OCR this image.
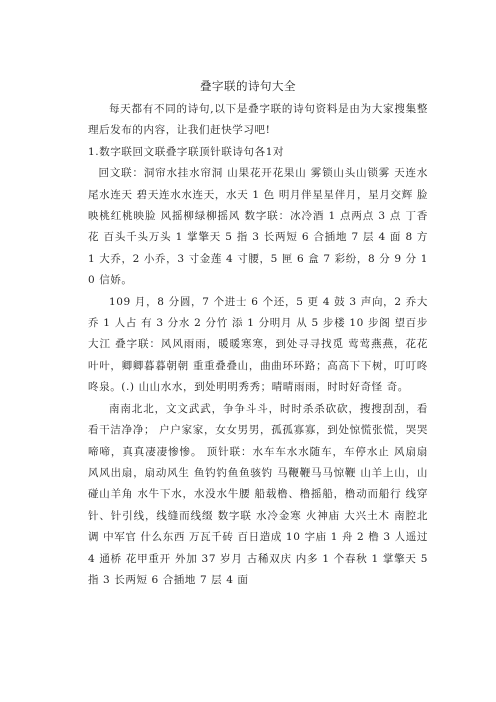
叠字联的诗句大全

每天都有不同的诗句,以下是叠字联的诗句资料是由为大家搜集整理后发布的内容，让我们赶快学习吧!

1.数字联回文联叠字联顶针联诗句各1对

回文联：洞帘水挂水帘洞 山果花开花果山 雾锁山头山锁雾 天连水尾水连天 碧天连水水连天，水天 1 色 明月伴星星伴月，星月交辉 脸映桃红桃映脸 风摇柳绿柳摇风 数字联：冰冷酒 1 点两点 3 点 丁香花 百头千头万头 1 掌擎天 5 指 3 长两短 6 合插地 7 层 4 面 8 方 1 大乔，2 小乔，3 寸金莲 4 寸腰，5 匣 6 盒 7 彩纷，8 分 9 分 10 信娇。

109 月，8 分圆，7 个进士 6 个还，5 更 4 鼓 3 声向，2 乔大乔 1 人占 有 3 分水 2 分竹 添 1 分明月 从 5 步楼 10 步阁 望百步大江 叠字联：风风雨雨，暖暖寒寒，到处寻寻找觅 莺莺燕燕，花花叶叶，卿卿暮暮朝朝 重重叠叠山，曲曲环环路；高高下下树，叮叮咚咚泉。(.) 山山水水，到处明明秀秀；晴晴雨雨，时时好奇怪 奇。

南南北北，文文武武，争争斗斗，时时杀杀砍砍，搜搜刮刮，看看干洁净净； 户户家家，女女男男，孤孤寡寡，到处惊慌张慌，哭哭啼啼，真真凄凄惨惨。 顶针联：水车车水水随车，车停水止 风扇扇风风出扇，扇动风生 鱼钓钓鱼鱼骇钓 马鞭鞭马马惊鞭 山羊上山，山碰山羊角 水牛下水，水没水牛腰 船载橹、橹摇船，橹动而船行 线穿针、针引线，线缝而线缀 数字联 水冷金寒 火神庙 大兴土木 南腔北调 中军官 什么东西 万瓦千砖 百日造成 10 字庙 1 舟 2 橹 3 人遥过 4 通桥 花甲重开 外加 37 岁月 古稀双庆 内多 1 个春秋 1 掌擎天 5 指 3 长两短 6 合插地 7 层 4 面
